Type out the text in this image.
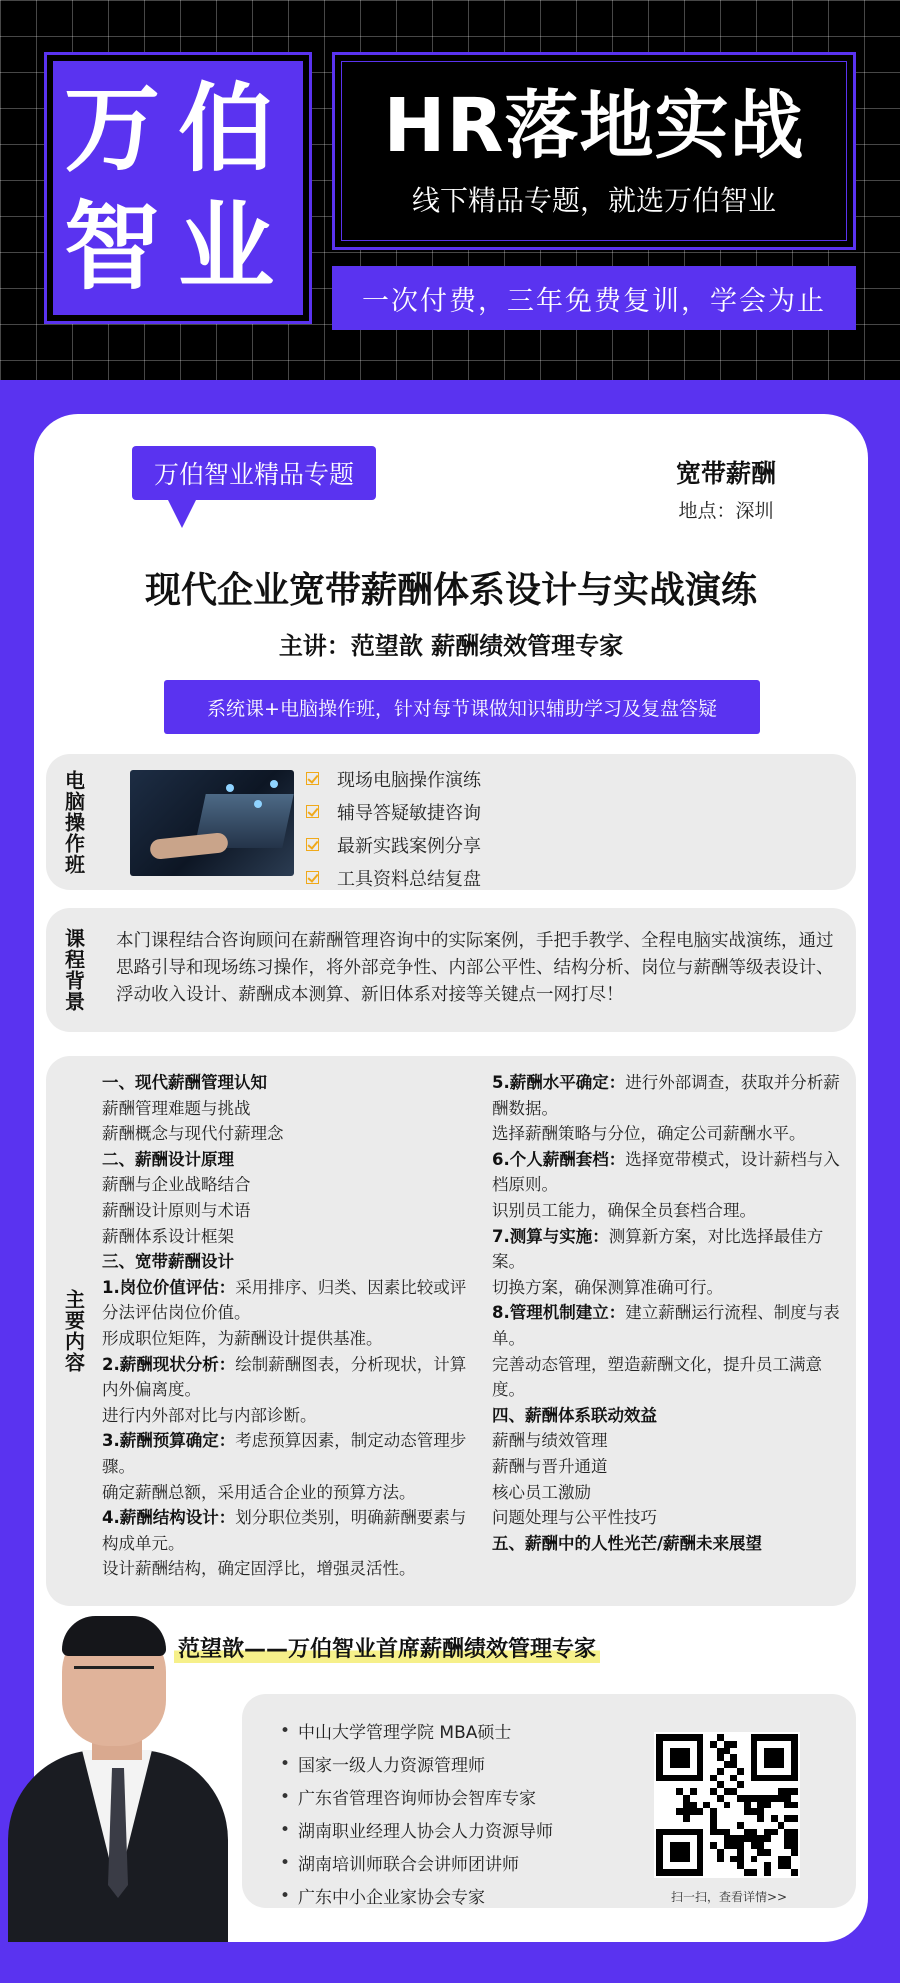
万伯
智业
HR落地实战
线下精品专题，就选万伯智业
一次付费，三年免费复训，学会为止
万伯智业精品专题	宽带薪酬
地点：深圳
现代企业宽带薪酬体系设计与实战演练
主讲：范望歆 薪酬绩效管理专家
系统课+电脑操作班，针对每节课做知识辅助学习及复盘答疑
电脑操作班	现场电脑操作演练
辅导答疑敏捷咨询
最新实践案例分享
工具资料总结复盘
课程背景 本门课程结合咨询顾问在薪酬管理咨询中的实际案例，手把手教学、全程电脑实战演练，通过思路引导和现场练习操作，将外部竞争性、内部公平性、结构分析、岗位与薪酬等级表设计、浮动收入设计、薪酬成本测算、新旧体系对接等关键点一网打尽！
主要内容
一、现代薪酬管理认知
薪酬管理难题与挑战
薪酬概念与现代付薪理念
二、薪酬设计原理
薪酬与企业战略结合
薪酬设计原则与术语
薪酬体系设计框架
三、宽带薪酬设计
1.岗位价值评估：采用排序、归类、因素比较或评分法评估岗位价值。
形成职位矩阵，为薪酬设计提供基准。
2.薪酬现状分析：绘制薪酬图表，分析现状，计算内外偏离度。
进行内外部对比与内部诊断。
3.薪酬预算确定：考虑预算因素，制定动态管理步骤。
确定薪酬总额，采用适合企业的预算方法。
4.薪酬结构设计：划分职位类别，明确薪酬要素与构成单元。
设计薪酬结构，确定固浮比，增强灵活性。
5.薪酬水平确定：进行外部调查，获取并分析薪酬数据。
选择薪酬策略与分位，确定公司薪酬水平。
6.个人薪酬套档：选择宽带模式，设计薪档与入档原则。
识别员工能力，确保全员套档合理。
7.测算与实施：测算新方案，对比选择最佳方案。
切换方案，确保测算准确可行。
8.管理机制建立：建立薪酬运行流程、制度与表单。
完善动态管理，塑造薪酬文化，提升员工满意度。
四、薪酬体系联动效益
薪酬与绩效管理
薪酬与晋升通道
核心员工激励
问题处理与公平性技巧
五、薪酬中的人性光芒/薪酬未来展望
范望歆——万伯智业首席薪酬绩效管理专家
• 中山大学管理学院 MBA硕士
• 国家一级人力资源管理师
• 广东省管理咨询师协会智库专家
• 湖南职业经理人协会人力资源导师
• 湖南培训师联合会讲师团讲师
• 广东中小企业家协会专家	扫一扫，查看详情>>
